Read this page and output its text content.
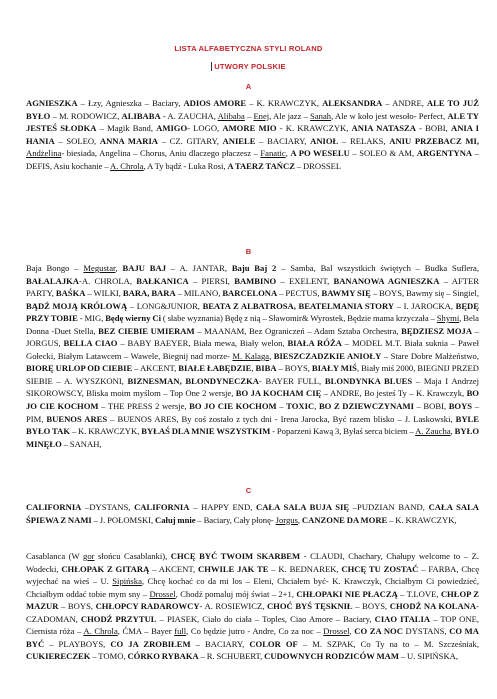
LISTA ALFABETYCZNA STYLI ROLAND
UTWORY POLSKIE
A

AGNIESZKA – Łzy, Agnieszka – Baciary, ADIOS AMORE – K. KRAWCZYK, ALEKSANDRA – ANDRE, ALE TO JUŻ BYŁO – M. RODOWICZ, ALIBABA - A. ZAUCHA, Alibaba – Enej, Ale jazz – Sanah, Ale w koło jest wesoło- Perfect, ALE TY JESTEŚ SŁODKA – Magik Band, AMIGO- LOGO, AMORE MIO - K. KRAWCZYK, ANIA NATASZA - BOBI, ANIA I HANIA – SOLEO, ANNA MARIA – CZ. GITARY, ANIELE – BACIARY, ANIOŁ – RELAKS, ANIU PRZEBACZ MI, Andżelina- biesiada, Angelina – Chorus, Aniu dlaczego płaczesz – Fanatic, A PO WESELU – SOLEO & AM, ARGENTYNA – DEFIS, Asiu kochanie – A. Chrola, A Ty bądź - Luka Rosi, A TAERZ TAŃCZ – DROSSEL

B

Baja Bongo – Megustar, BAJU BAJ – A. JANTAR, Baju Baj 2 – Samba, Bal wszystkich świętych – Budka Suflera, BAŁALAJKA-A. CHROLA, BAŁKANICA – PIERSI, BAMBINO – EXELENT, BANANOWA AGNIESZKA – AFTER PARTY, BAŚKA – WILKI, BARA, BARA – MILANO, BARCELONA – PECTUS, BAWMY SIĘ – BOYS, Bawmy się – Singiel, BĄDŹ MOJĄ KRÓLOWĄ – LONG&JUNIOR, BEATA Z ALBATROSA, BEATELMANIA STORY – I. JAROCKA, BĘDĘ PRZY TOBIE - MIG, Będę wierny Ci ( słabe wyznania) Będę z nią – Sławomir& Wyrostek, Będzie mama krzyczała – Shymi, Bela Donna -Duet Stella, BEZ CIEBIE UMIERAM – MAANAM, Bez Ograniczeń – Adam Sztaba Orchestra, BĘDZIESZ MOJA – JORGUS, BELLA CIAO – BABY BAEYER, Biała mewa, Biały welon, BIAŁA RÓŻA – MODEL M.T. Biała suknia – Paweł Gołecki, Białym Latawcem – Wawele, Biegnij nad morze- M. Kalaga, BIESZCZADZKIE ANIOŁY – Stare Dobre Małżeństwo, BIORĘ URLOP OD CIEBIE – AKCENT, BIAŁE ŁABĘDZIE, BIBA – BOYS, BIAŁY MIŚ, Biały miś 2000, BIEGNIJ PRZED SIEBIE – A. WYSZKONI, BIZNESMAN, BLONDYNECZKA- BAYER FULL, BLONDYNKA BLUES – Maja I Andrzej SIKOROWSCY, Bliska moim myślom – Top One 2 wersje, BO JA KOCHAM CIĘ – ANDRE, Bo jesteś Ty – K. Krawczyk, BO JO CIE KOCHOM – THE PRESS 2 wersje, BO JO CIE KOCHOM – TOXIC, BO Z DZIEWCZYNAMI – BOBI, BOYS – PIM, BUENOS ARES – BUENOS ARES, By coś zostało z tych dni - Irena Jarocka, Być razem blisko – J. Laskowski, BYLE BYŁO TAK – K. KRAWCZYK, BYŁAŚ DLA MNIE WSZYSTKIM - Poparzeni Kawą 3, Byłaś serca biciem – A. Zaucha, BYŁO MINĘŁO – SANAH,

C

CALIFORNIA –DYSTANS, CALIFORNIA – HAPPY END, CAŁA SALA BUJA SIĘ –PUDZIAN BAND, CAŁA SALA ŚPIEWA Z NAMI – J. POŁOMSKI, Całuj mnie – Baciary, Cały płonę- Jorgus, CANZONE DA MORE – K. KRAWCZYK,

Casablanca (W gor słońcu Casablanki), CHCĘ BYĆ TWOIM SKARBEM - CLAUDI, Chachary, Chałupy welcome to – Z. Wodecki, CHŁOPAK Z GITARĄ – AKCENT, CHWILE JAK TE – K. BEDNAREK, CHCĘ TU ZOSTAĆ – FARBA, Chcę wyjechać na wieś – U. Sipińska, Chcę kochać co da mi los – Eleni, Chciałem być- K. Krawczyk, Chciałbym Ci powiedzieć, Chciałbym oddać tobie mym sny – Drossel, Chodź pomaluj mój świat – 2+1, CHŁOPAKI NIE PŁACZĄ – T.LOVE, CHŁOP Z MAZUR – BOYS, CHŁOPCY RADAROWCY- A. ROSIEWICZ, CHOĆ BYŚ TĘSKNIŁ – BOYS, CHODŹ NA KOLANA- CZADOMAN, CHODŹ PRZYTUL – PIASEK, Ciało do ciała – Toples, Ciao Amore – Baciary, CIAO ITALIA – TOP ONE, Ciernista róża – A. Chrola, ĆMA – Bayer full, Co będzie jutro - Andre, Co za noc – Drossel, CO ZA NOC DYSTANS, CO MA BYĆ – PLAYBOYS, CO JA ZROBIŁEM – BACIARY, COLOR OF – M. SZPAK, Co Ty na to – M. Szcześniak, CUKIERECZEK – TOMO, CÓRKO RYBAKA – R. SCHUBERT, CUDOWNYCH RODZICÓW MAM – U. SIPIŃSKA,
